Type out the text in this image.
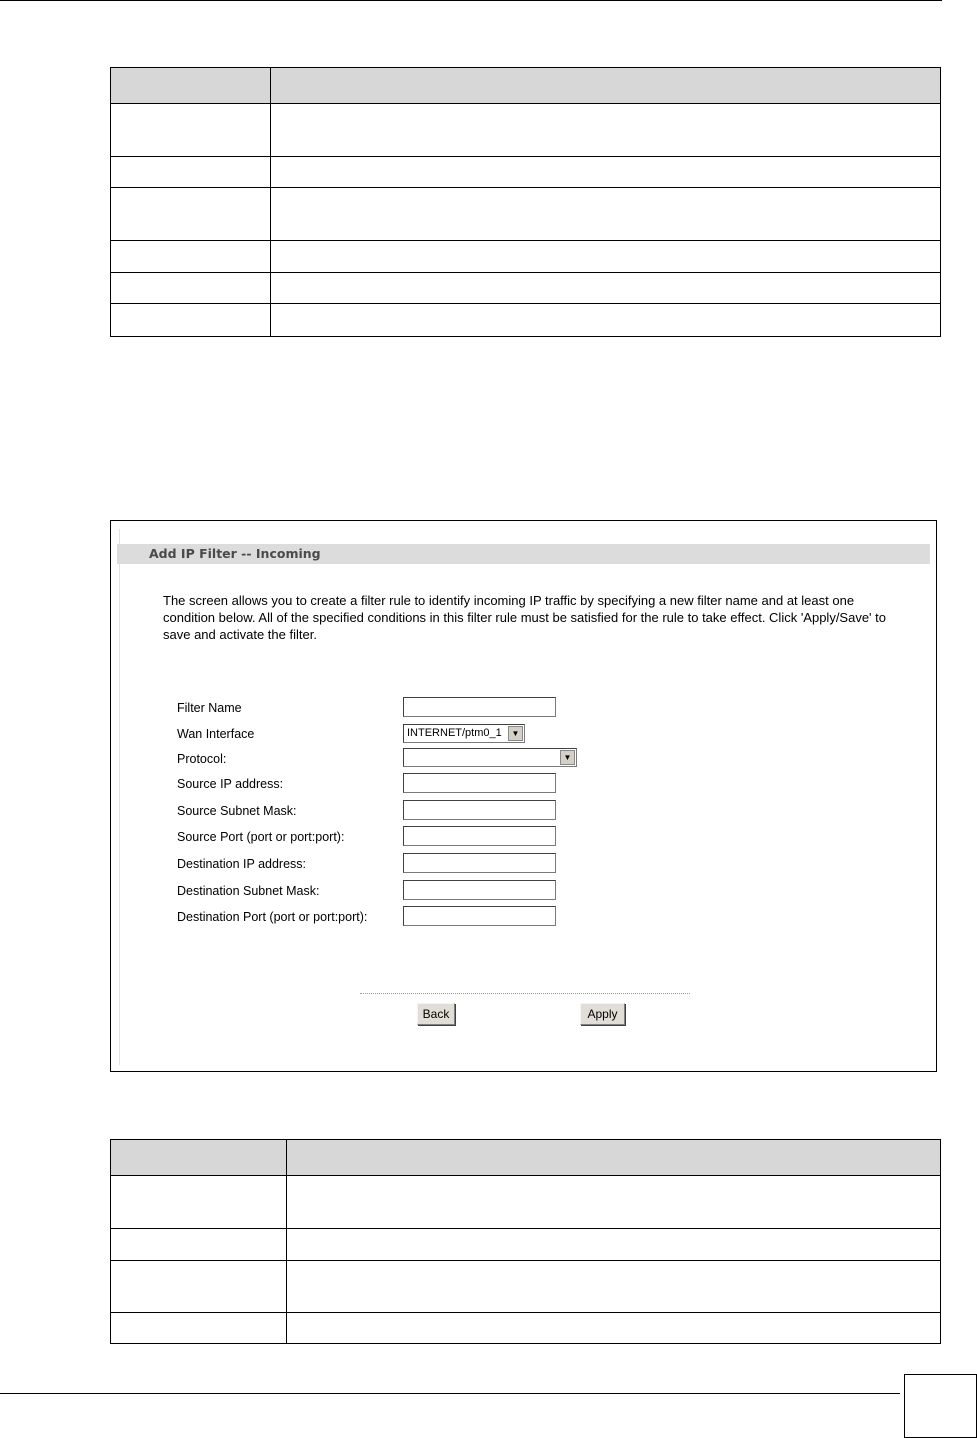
Add IP Filter -- Incoming
The screen allows you to create a filter rule to identify incoming IP traffic by specifying a new filter name and at least one condition below. All of the specified conditions in this filter rule must be satisfied for the rule to take effect. Click 'Apply/Save' to save and activate the filter.
Filter Name
Wan Interface	INTERNET/ptm0_1	▼
Protocol:	▼
Source IP address:
Source Subnet Mask:
Source Port (port or port:port):
Destination IP address:
Destination Subnet Mask:
Destination Port (port or port:port):
Back	Apply
